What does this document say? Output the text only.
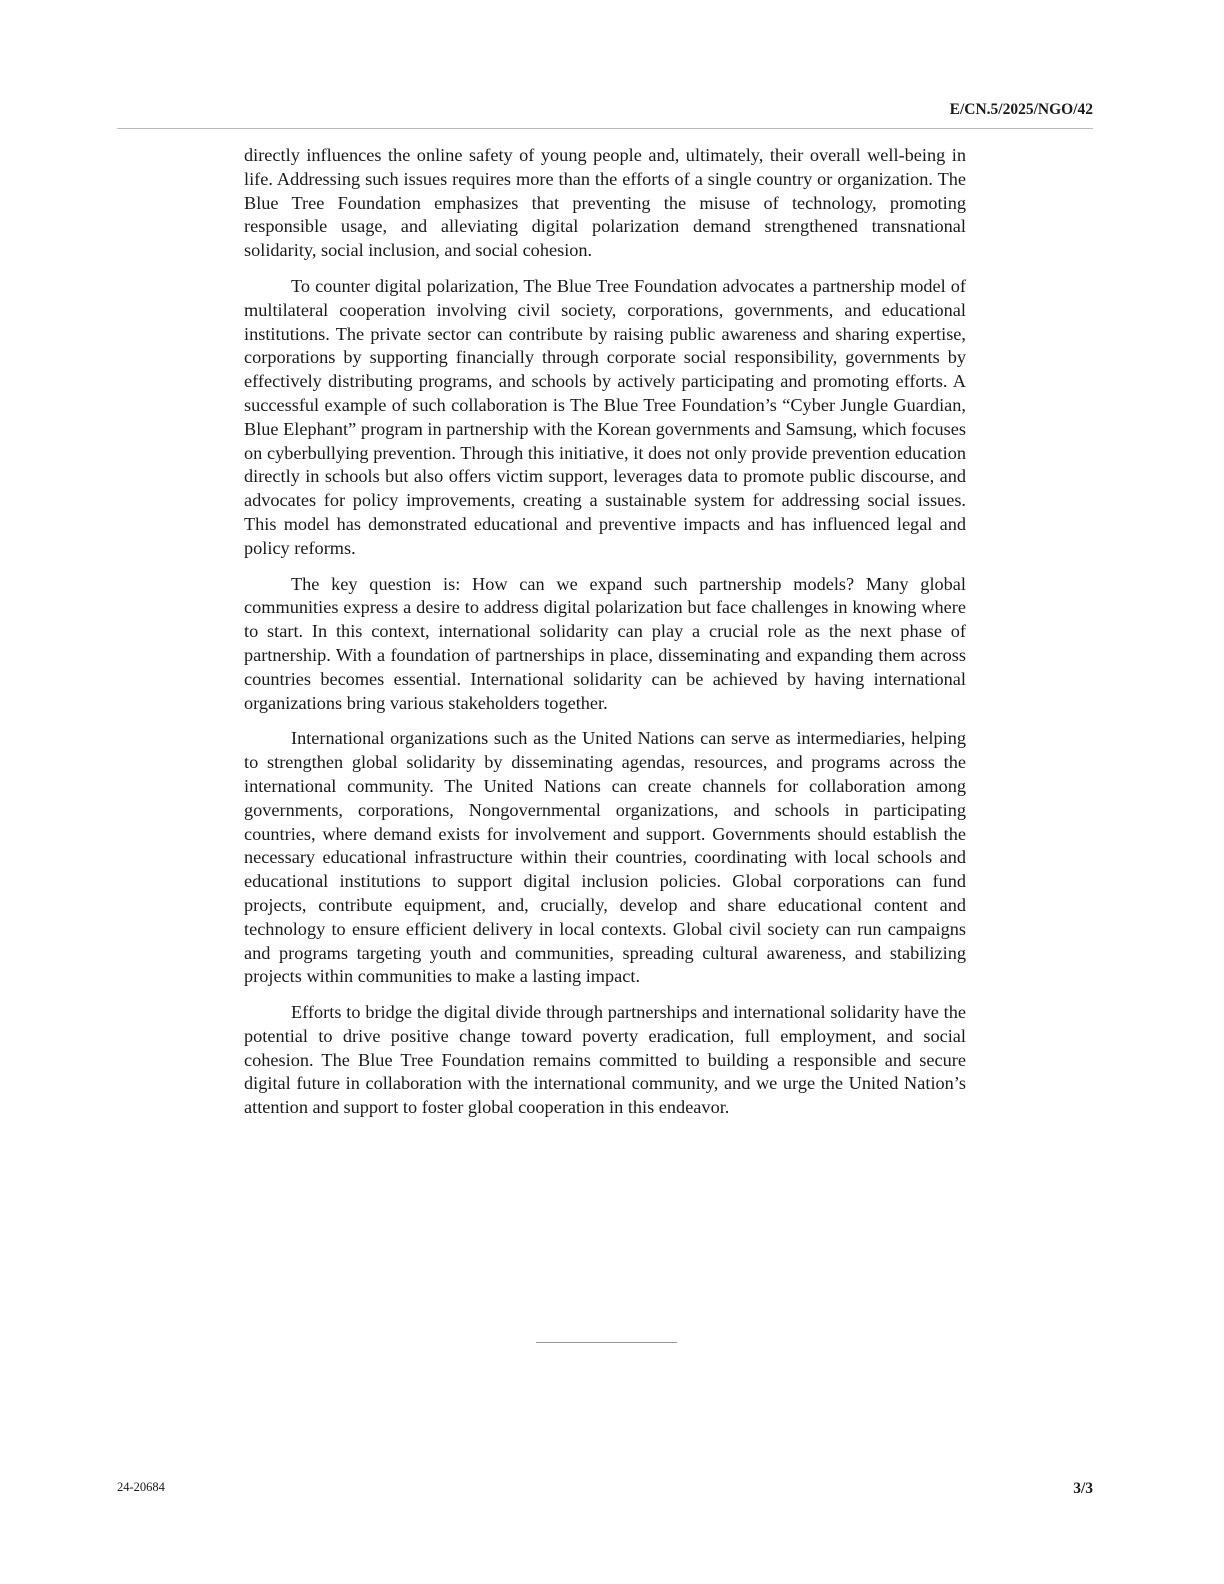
E/CN.5/2025/NGO/42

directly influences the online safety of young people and, ultimately, their overall well-being in life. Addressing such issues requires more than the efforts of a single country or organization. The Blue Tree Foundation emphasizes that preventing the misuse of technology, promoting responsible usage, and alleviating digital polarization demand strengthened transnational solidarity, social inclusion, and social cohesion.

To counter digital polarization, The Blue Tree Foundation advocates a partnership model of multilateral cooperation involving civil society, corporations, governments, and educational institutions. The private sector can contribute by raising public awareness and sharing expertise, corporations by supporting financially through corporate social responsibility, governments by effectively distributing programs, and schools by actively participating and promoting efforts. A successful example of such collaboration is The Blue Tree Foundation’s “Cyber Jungle Guardian, Blue Elephant” program in partnership with the Korean governments and Samsung, which focuses on cyberbullying prevention. Through this initiative, it does not only provide prevention education directly in schools but also offers victim support, leverages data to promote public discourse, and advocates for policy improvements, creating a sustainable system for addressing social issues. This model has demonstrated educational and preventive impacts and has influenced legal and policy reforms.

The key question is: How can we expand such partnership models? Many global communities express a desire to address digital polarization but face challenges in knowing where to start. In this context, international solidarity can play a crucial role as the next phase of partnership. With a foundation of partnerships in place, disseminating and expanding them across countries becomes essential. International solidarity can be achieved by having international organizations bring various stakeholders together.

International organizations such as the United Nations can serve as intermediaries, helping to strengthen global solidarity by disseminating agendas, resources, and programs across the international community. The United Nations can create channels for collaboration among governments, corporations, Nongovernmental organizations, and schools in participating countries, where demand exists for involvement and support. Governments should establish the necessary educational infrastructure within their countries, coordinating with local schools and educational institutions to support digital inclusion policies. Global corporations can fund projects, contribute equipment, and, crucially, develop and share educational content and technology to ensure efficient delivery in local contexts. Global civil society can run campaigns and programs targeting youth and communities, spreading cultural awareness, and stabilizing projects within communities to make a lasting impact.

Efforts to bridge the digital divide through partnerships and international solidarity have the potential to drive positive change toward poverty eradication, full employment, and social cohesion. The Blue Tree Foundation remains committed to building a responsible and secure digital future in collaboration with the international community, and we urge the United Nation’s attention and support to foster global cooperation in this endeavor.

24-20684	3/3
